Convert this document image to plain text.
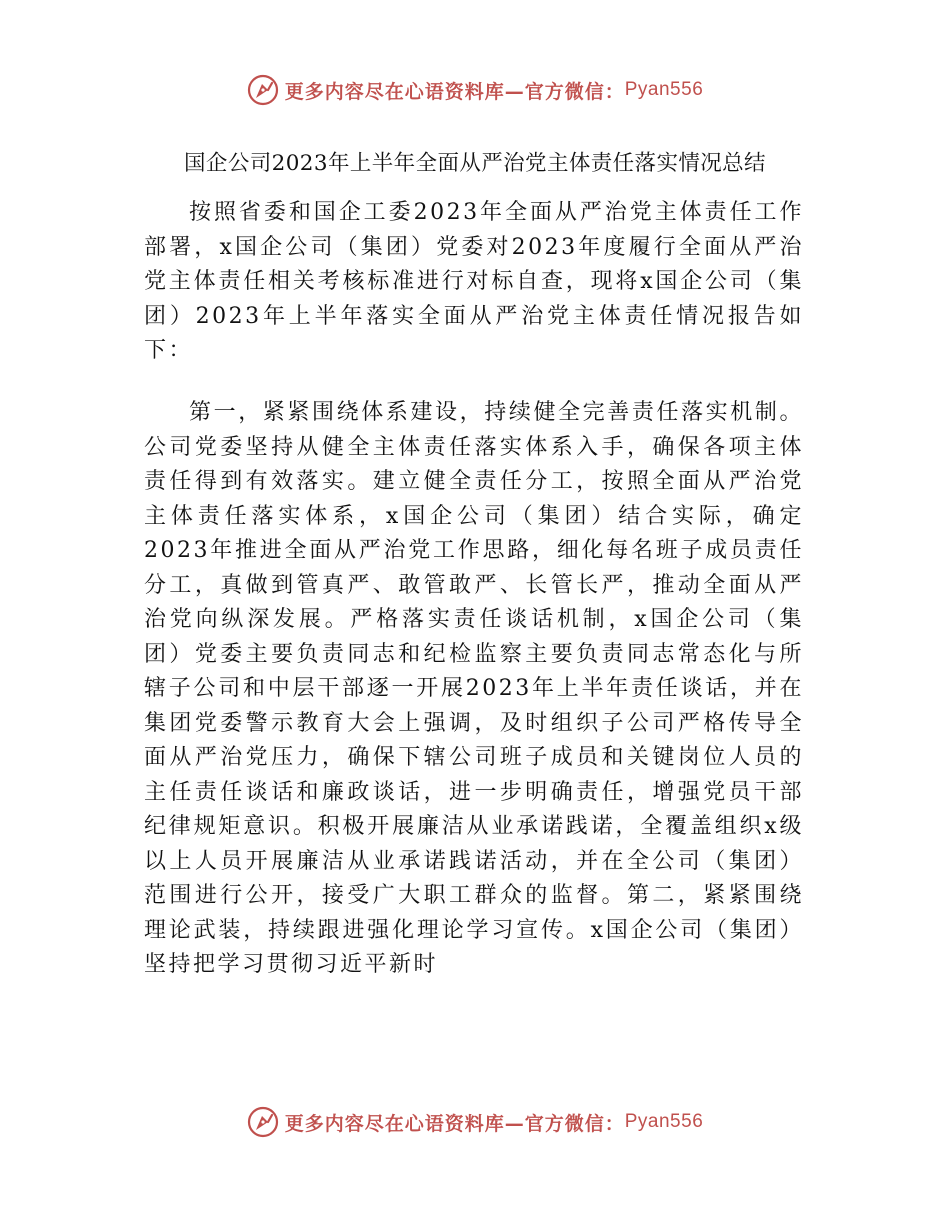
更多内容尽在心语资料库—官方微信： Pyan556
国企公司2023年上半年全面从严治党主体责任落实情况总结

按照省委和国企工委2023年全面从严治党主体责任工作部署，x国企公司（集团）党委对2023年度履行全面从严治党主体责任相关考核标准进行对标自查，现将x国企公司（集团）2023年上半年落实全面从严治党主体责任情况报告如下：

第一，紧紧围绕体系建设，持续健全完善责任落实机制。公司党委坚持从健全主体责任落实体系入手，确保各项主体责任得到有效落实。建立健全责任分工，按照全面从严治党主体责任落实体系，x国企公司（集团）结合实际，确定2023年推进全面从严治党工作思路，细化每名班子成员责任分工，真做到管真严、敢管敢严、长管长严，推动全面从严治党向纵深发展。严格落实责任谈话机制，x国企公司（集团）党委主要负责同志和纪检监察主要负责同志常态化与所辖子公司和中层干部逐一开展2023年上半年责任谈话，并在集团党委警示教育大会上强调，及时组织子公司严格传导全面从严治党压力，确保下辖公司班子成员和关键岗位人员的主任责任谈话和廉政谈话，进一步明确责任，增强党员干部纪律规矩意识。积极开展廉洁从业承诺践诺，全覆盖组织x级以上人员开展廉洁从业承诺践诺活动，并在全公司（集团）范围进行公开，接受广大职工群众的监督。第二，紧紧围绕理论武装，持续跟进强化理论学习宣传。x国企公司（集团）坚持把学习贯彻习近平新时

更多内容尽在心语资料库—官方微信： Pyan556
